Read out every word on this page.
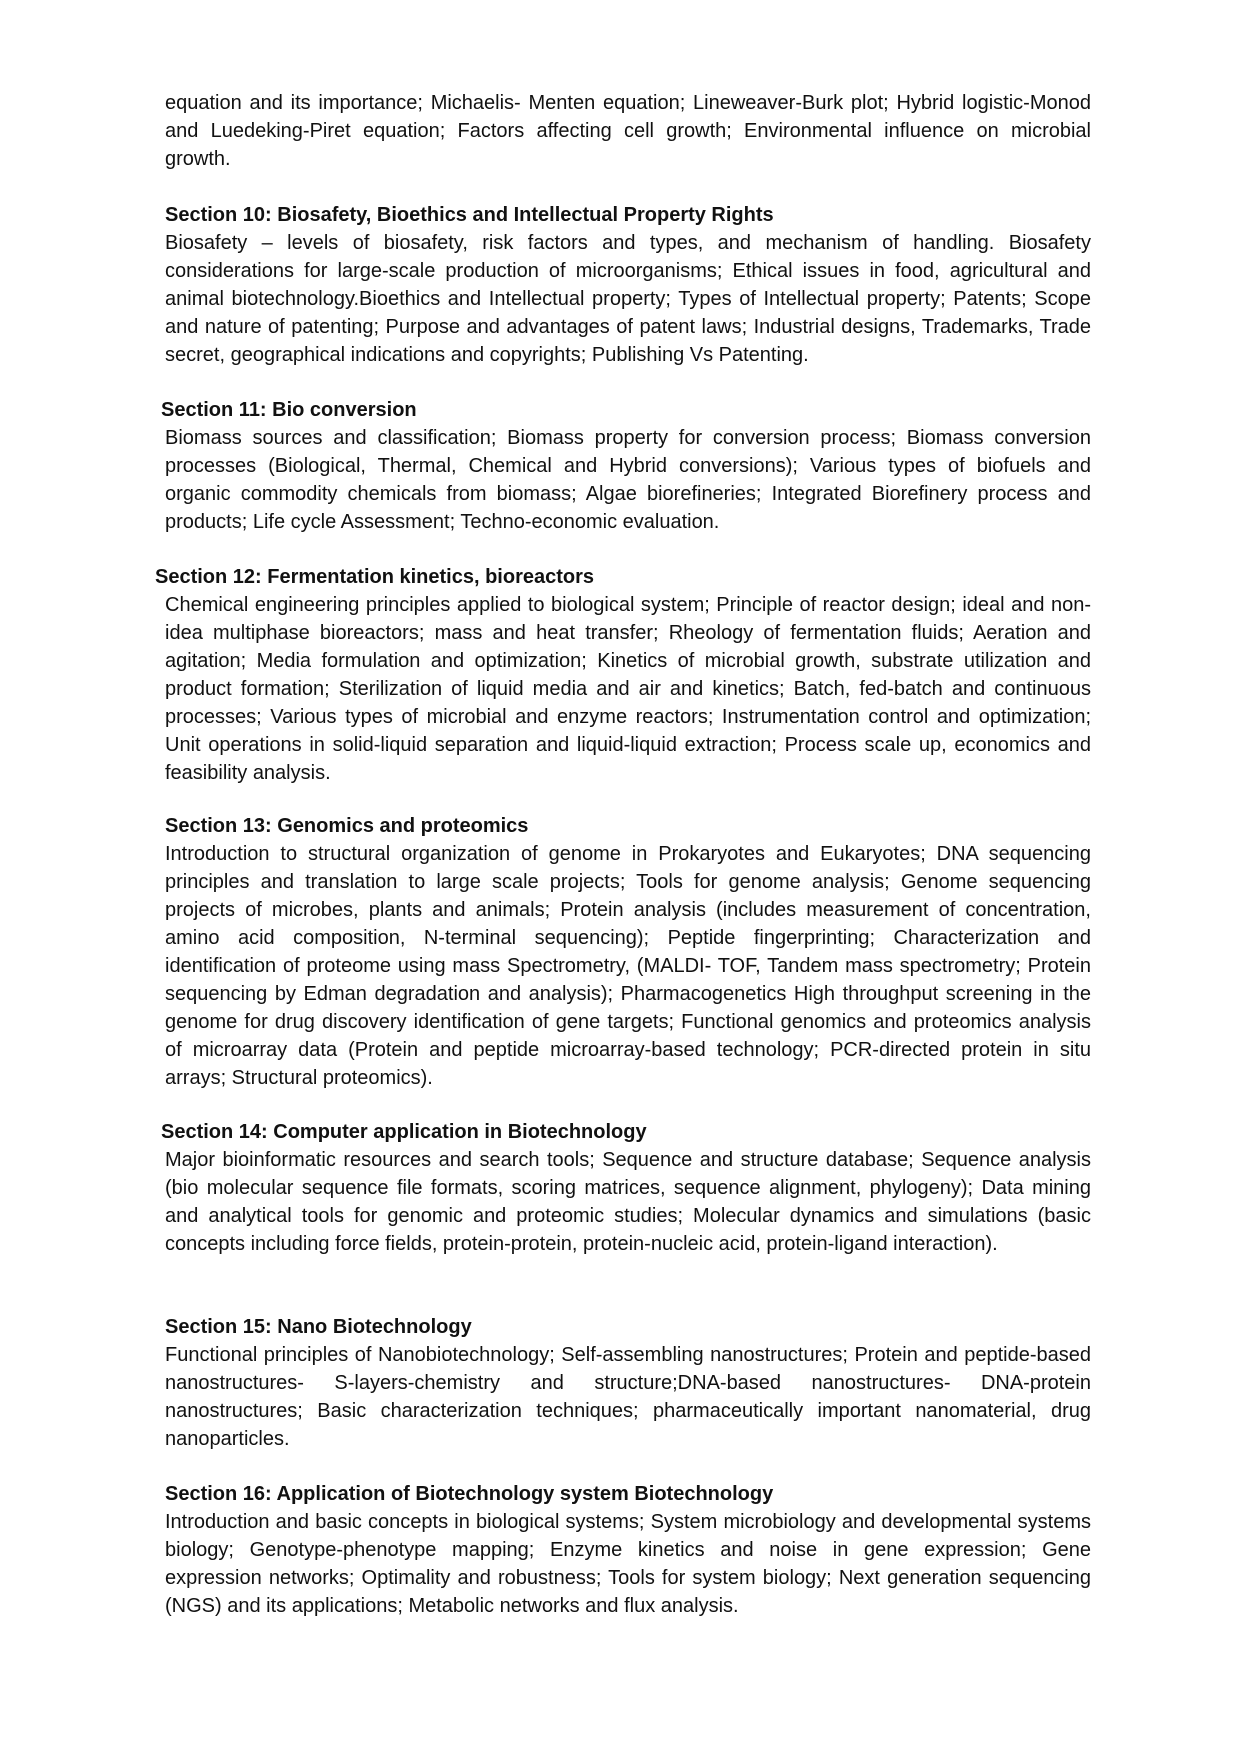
equation and its importance; Michaelis- Menten equation; Lineweaver-Burk plot; Hybrid logistic-Monod and Luedeking-Piret equation; Factors affecting cell growth; Environmental influence on microbial growth.

Section 10: Biosafety, Bioethics and Intellectual Property Rights

Biosafety – levels of biosafety, risk factors and types, and mechanism of handling. Biosafety considerations for large-scale production of microorganisms; Ethical issues in food, agricultural and animal biotechnology.Bioethics and Intellectual property; Types of Intellectual property; Patents; Scope and nature of patenting; Purpose and advantages of patent laws; Industrial designs, Trademarks, Trade secret, geographical indications and copyrights; Publishing Vs Patenting.

Section 11: Bio conversion

Biomass sources and classification; Biomass property for conversion process; Biomass conversion processes (Biological, Thermal, Chemical and Hybrid conversions); Various types of biofuels and organic commodity chemicals from biomass; Algae biorefineries; Integrated Biorefinery process and products; Life cycle Assessment; Techno-economic evaluation.

Section 12: Fermentation kinetics, bioreactors

Chemical engineering principles applied to biological system; Principle of reactor design; ideal and non-idea multiphase bioreactors; mass and heat transfer; Rheology of fermentation fluids; Aeration and agitation; Media formulation and optimization; Kinetics of microbial growth, substrate utilization and product formation; Sterilization of liquid media and air and kinetics; Batch, fed-batch and continuous processes; Various types of microbial and enzyme reactors; Instrumentation control and optimization; Unit operations in solid-liquid separation and liquid-liquid extraction; Process scale up, economics and feasibility analysis.

Section 13: Genomics and proteomics

Introduction to structural organization of genome in Prokaryotes and Eukaryotes; DNA sequencing principles and translation to large scale projects; Tools for genome analysis; Genome sequencing projects of microbes, plants and animals; Protein analysis (includes measurement of concentration, amino acid composition, N-terminal sequencing); Peptide fingerprinting; Characterization and identification of proteome using mass Spectrometry, (MALDI- TOF, Tandem mass spectrometry; Protein sequencing by Edman degradation and analysis); Pharmacogenetics High throughput screening in the genome for drug discovery identification of gene targets; Functional genomics and proteomics analysis of microarray data (Protein and peptide microarray-based technology; PCR-directed protein in situ arrays; Structural proteomics).

Section 14: Computer application in Biotechnology

Major bioinformatic resources and search tools; Sequence and structure database; Sequence analysis (bio molecular sequence file formats, scoring matrices, sequence alignment, phylogeny); Data mining and analytical tools for genomic and proteomic studies; Molecular dynamics and simulations (basic concepts including force fields, protein-protein, protein-nucleic acid, protein-ligand interaction).

Section 15: Nano Biotechnology

Functional principles of Nanobiotechnology; Self-assembling nanostructures; Protein and peptide-based nanostructures- S-layers-chemistry and structure;DNA-based nanostructures- DNA-protein nanostructures; Basic characterization techniques; pharmaceutically important nanomaterial, drug nanoparticles.

Section 16: Application of Biotechnology system Biotechnology

Introduction and basic concepts in biological systems; System microbiology and developmental systems biology; Genotype-phenotype mapping; Enzyme kinetics and noise in gene expression; Gene expression networks; Optimality and robustness; Tools for system biology; Next generation sequencing (NGS) and its applications; Metabolic networks and flux analysis.
